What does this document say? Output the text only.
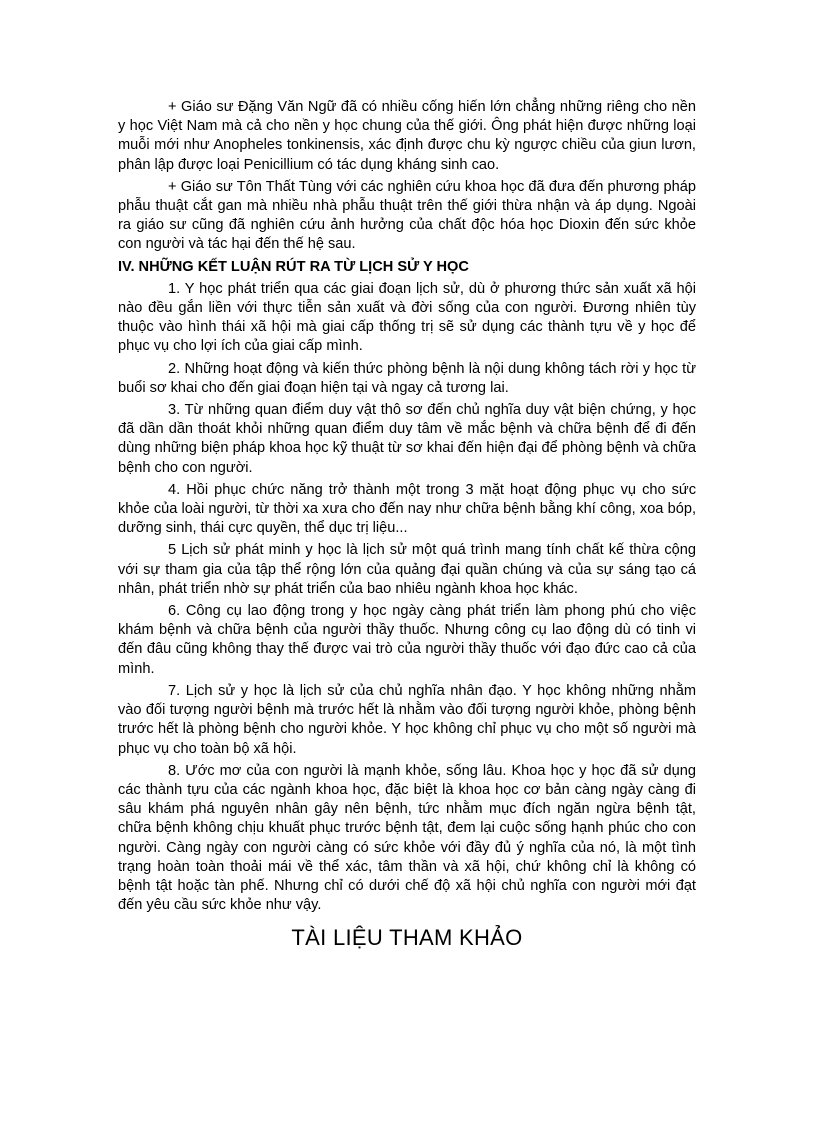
+ Giáo sư Đặng Văn Ngữ đã có nhiều cống hiến lớn chẳng những riêng cho nền y học Việt Nam mà cả cho nền y học chung của thế giới. Ông phát hiện được những loại muỗi mới như Anopheles tonkinensis, xác định được chu kỳ ngược chiều của giun lươn, phân lập được loại Penicillium có tác dụng kháng sinh cao.

+ Giáo sư Tôn Thất Tùng với các nghiên cứu khoa học đã đưa đến phương pháp phẫu thuật cắt gan mà nhiều nhà phẫu thuật trên thế giới thừa nhận và áp dụng. Ngoài ra giáo sư cũng đã nghiên cứu ảnh hưởng của chất độc hóa học Dioxin đến sức khỏe con người và tác hại đến thế hệ sau.

IV. NHỮNG KẾT LUẬN RÚT RA TỪ LỊCH SỬ Y HỌC

1. Y học phát triển qua các giai đoạn lịch sử, dù ở phương thức sản xuất xã hội nào đều gắn liền với thực tiễn sản xuất và đời sống của con người. Đương nhiên tùy thuộc vào hình thái xã hội mà giai cấp thống trị sẽ sử dụng các thành tựu về y học để phục vụ cho lợi ích của giai cấp mình.

2. Những hoạt động và kiến thức phòng bệnh là nội dung không tách rời y học từ buổi sơ khai cho đến giai đoạn hiện tại và ngay cả tương lai.

3. Từ những quan điểm duy vật thô sơ đến chủ nghĩa duy vật biện chứng, y học đã dần dần thoát khỏi những quan điểm duy tâm về mắc bệnh và chữa bệnh để đi đến dùng những biện pháp khoa học kỹ thuật từ sơ khai đến hiện đại để phòng bệnh và chữa bệnh cho con người.

4. Hồi phục chức năng trở thành một trong 3 mặt hoạt động phục vụ cho sức khỏe của loài người, từ thời xa xưa cho đến nay như chữa bệnh bằng khí công, xoa bóp, dưỡng sinh, thái cực quyền, thể dục trị liệu...

5 Lịch sử phát minh y học là lịch sử một quá trình mang tính chất kế thừa cộng với sự tham gia của tập thể rộng lớn của quảng đại quần chúng và của sự sáng tạo cá nhân, phát triển nhờ sự phát triển của bao nhiêu ngành khoa học khác.

6. Công cụ lao động trong y học ngày càng phát triển làm phong phú cho việc khám bệnh và chữa bệnh của người thầy thuốc. Nhưng công cụ lao động dù có tinh vi đến đâu cũng không thay thế được vai trò của người thầy thuốc với đạo đức cao cả của mình.

7. Lịch sử y học là lịch sử của chủ nghĩa nhân đạo. Y học không những nhằm vào đối tượng người bệnh mà trước hết là nhằm vào đối tượng người khỏe, phòng bệnh trước hết là phòng bệnh cho người khỏe. Y học không chỉ phục vụ cho một số người mà phục vụ cho toàn bộ xã hội.

8. Ước mơ của con người là mạnh khỏe, sống lâu. Khoa học y học đã sử dụng các thành tựu của các ngành khoa học, đặc biệt là khoa học cơ bản càng ngày càng đi sâu khám phá nguyên nhân gây nên bệnh, tức nhằm mục đích ngăn ngừa bệnh tật, chữa bệnh không chịu khuất phục trước bệnh tật, đem lại cuộc sống hạnh phúc cho con người. Càng ngày con người càng có sức khỏe với đầy đủ ý nghĩa của nó, là một tình trạng hoàn toàn thoải mái về thể xác, tâm thần và xã hội, chứ không chỉ là không có bệnh tật hoặc tàn phế. Nhưng chỉ có dưới chế độ xã hội chủ nghĩa con người mới đạt đến yêu cầu sức khỏe như vậy.

TÀI LIỆU THAM KHẢO
